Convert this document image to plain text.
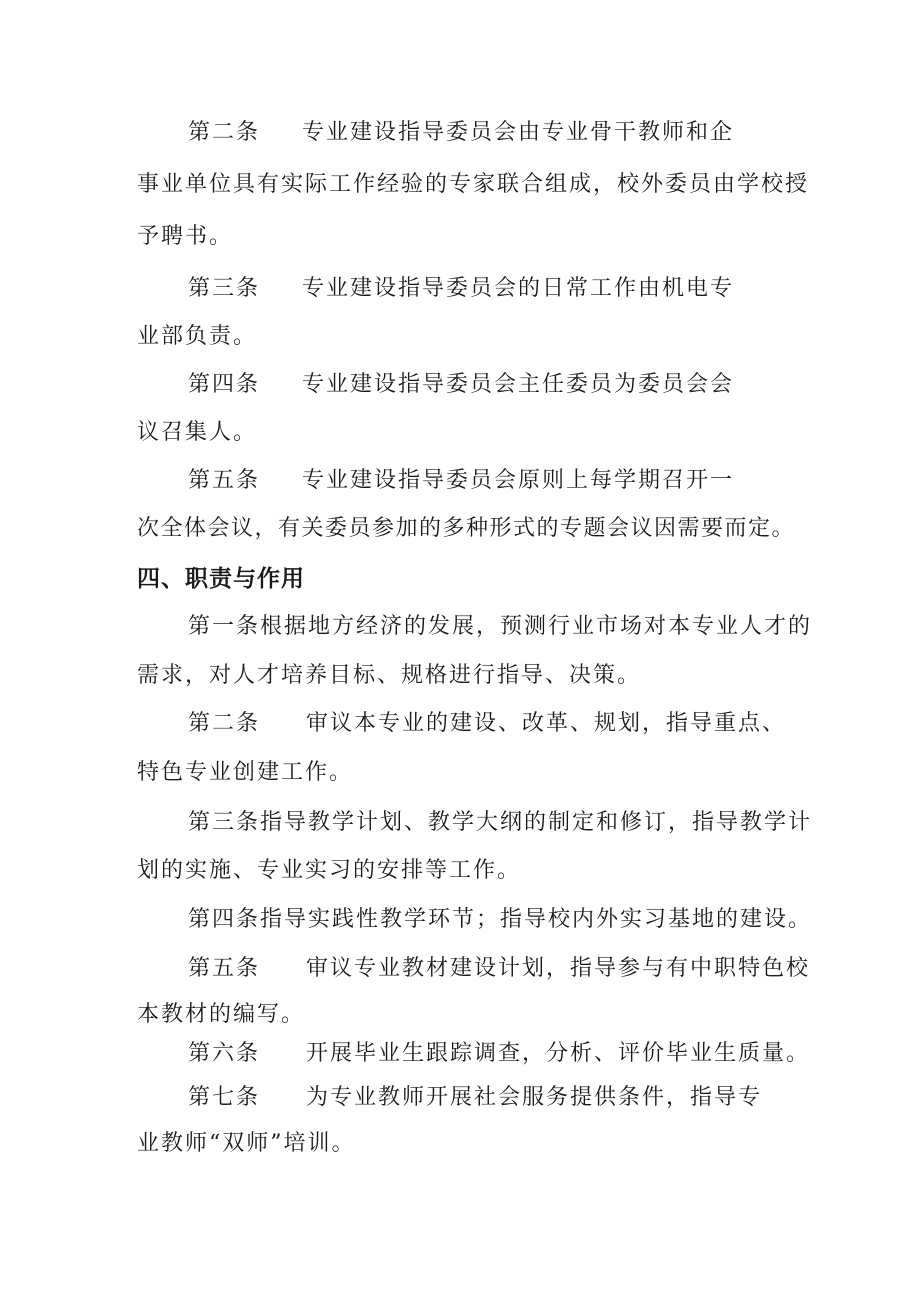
第二条 专业建设指导委员会由专业骨干教师和企
事业单位具有实际工作经验的专家联合组成，校外委员由学校授
予聘书。
第三条 专业建设指导委员会的日常工作由机电专
业部负责。
第四条 专业建设指导委员会主任委员为委员会会
议召集人。
第五条 专业建设指导委员会原则上每学期召开一
次全体会议，有关委员参加的多种形式的专题会议因需要而定。
四、职责与作用
第一条根据地方经济的发展，预测行业市场对本专业人才的
需求，对人才培养目标、规格进行指导、决策。
第二条 审议本专业的建设、改革、规划，指导重点、
特色专业创建工作。
第三条指导教学计划、教学大纲的制定和修订，指导教学计
划的实施、专业实习的安排等工作。
第四条指导实践性教学环节；指导校内外实习基地的建设。
第五条 审议专业教材建设计划，指导参与有中职特色校
本教材的编写。
第六条 开展毕业生跟踪调查，分析、评价毕业生质量。
第七条 为专业教师开展社会服务提供条件，指导专
业教师“双师”培训。
